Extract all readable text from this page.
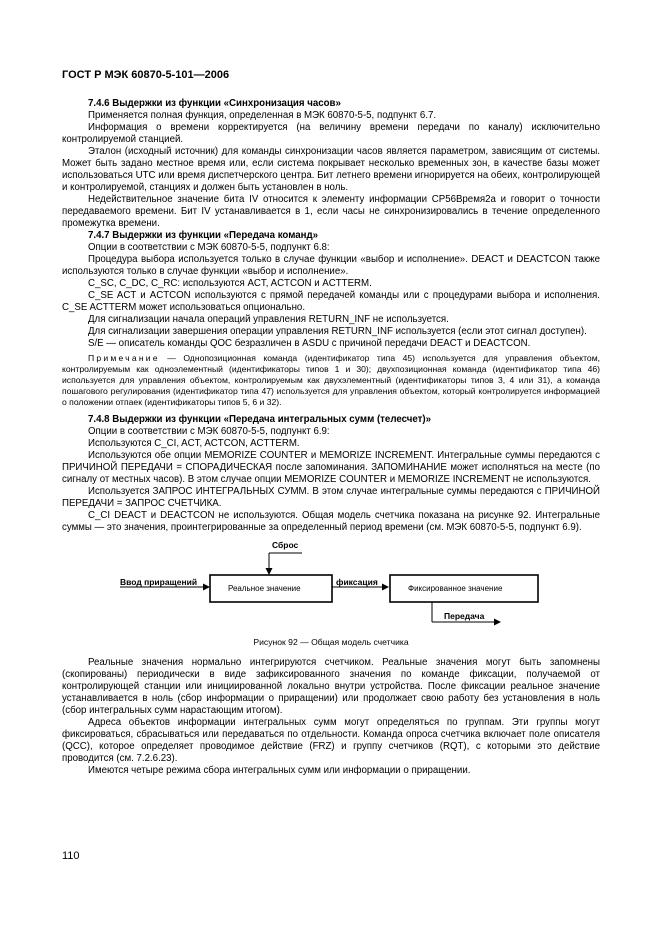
ГОСТ Р МЭК 60870-5-101—2006

7.4.6 Выдержки из функции «Синхронизация часов»

Применяется полная функция, определенная в МЭК 60870-5-5, подпункт 6.7.

Информация о времени корректируется (на величину времени передачи по каналу) исключительно контролируемой станцией.

Эталон (исходный источник) для команды синхронизации часов является параметром, зависящим от системы. Может быть задано местное время или, если система покрывает несколько временных зон, в качестве базы может использоваться UTC или время диспетчерского центра. Бит летнего времени игнорируется на обеих, контролирующей и контролируемой, станциях и должен быть установлен в ноль.

Недействительное значение бита IV относится к элементу информации CP56Время2а и говорит о точности передаваемого времени. Бит IV устанавливается в 1, если часы не синхронизировались в течение определенного промежутка времени.

7.4.7 Выдержки из функции «Передача команд»

Опции в соответствии с МЭК 60870-5-5, подпункт 6.8:

Процедура выбора используется только в случае функции «выбор и исполнение». DEACT и DEACTCON также используются только в случае функции «выбор и исполнение».

C_SC, C_DC, C_RC: используются ACT, ACTCON и ACTTERM.

C_SE ACT и ACTCON используются с прямой передачей команды или с процедурами выбора и исполнения. C_SE ACTTERM может использоваться опционально.

Для сигнализации начала операций управления RETURN_INF не используется.

Для сигнализации завершения операции управления RETURN_INF используется (если этот сигнал доступен).

S/E — описатель команды QOC безразличен в ASDU с причиной передачи DEACT и DEACTCON.

Примечание — Однопозиционная команда (идентификатор типа 45) используется для управления объектом, контролируемым как однoэлементный (идентификаторы типов 1 и 30); двухпозиционная команда (идентификатор типа 46) используется для управления объектом, контролируемым как двухэлементный (идентификаторы типов 3, 4 или 31), а команда пошагового регулирования (идентификатор типа 47) используется для управления объектом, который контролируется информацией о положении отпаек (идентификаторы типов 5, 6 и 32).

7.4.8 Выдержки из функции «Передача интегральных сумм (телесчет)»

Опции в соответствии с МЭК 60870-5-5, подпункт 6.9:

Используются C_CI, ACT, ACTCON, ACTTERM.

Используются обе опции MEMORIZE COUNTER и MEMORIZE INCREMENT. Интегральные суммы передаются с ПРИЧИНОЙ ПЕРЕДАЧИ = СПОРАДИЧЕСКАЯ после запоминания. ЗАПОМИНАНИЕ может исполняться на месте (по сигналу от местных часов). В этом случае опции MEMORIZE COUNTER и MEMORIZE INCREMENT не используются.

Используется ЗАПРОС ИНТЕГРАЛЬНЫХ СУММ. В этом случае интегральные суммы передаются с ПРИЧИНОЙ ПЕРЕДАЧИ = ЗАПРОС СЧЕТЧИКА.

C_CI DEACT и DEACTCON не используются. Общая модель счетчика показана на рисунке 92. Интегральные суммы — это значения, проинтегрированные за определенный период времени (см. МЭК 60870-5-5, подпункт 6.9).

Сброс
Ввод приращений
Реальное значение
фиксация
Фиксированное значение
Передача

Рисунок 92 — Общая модель счетчика

Реальные значения нормально интегрируются счетчиком. Реальные значения могут быть запомнены (скопированы) периодически в виде зафиксированного значения по команде фиксации, получаемой от контролирующей станции или инициированной локально внутри устройства. После фиксации реальное значение устанавливается в ноль (сбор информации о приращении) или продолжает свою работу без установления в ноль (сбор интегральных сумм нарастающим итогом).

Адреса объектов информации интегральных сумм могут определяться по группам. Эти группы могут фиксироваться, сбрасываться или передаваться по отдельности. Команда опроса счетчика включает поле описателя (QCC), которое определяет проводимое действие (FRZ) и группу счетчиков (RQT), с которыми это действие проводится (см. 7.2.6.23).

Имеются четыре режима сбора интегральных сумм или информации о приращении.

110
